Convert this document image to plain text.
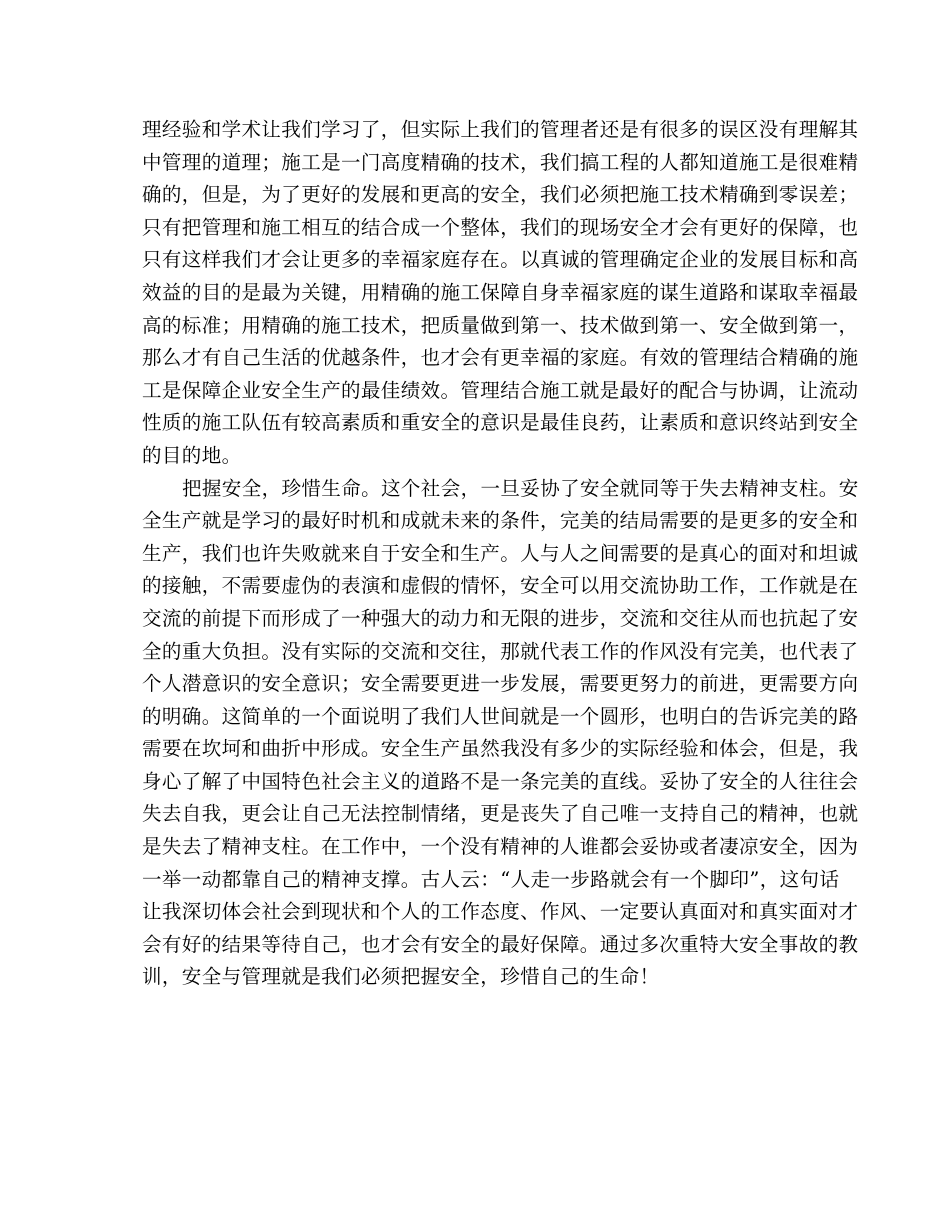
理经验和学术让我们学习了，但实际上我们的管理者还是有很多的误区没有理解其
中管理的道理；施工是一门高度精确的技术，我们搞工程的人都知道施工是很难精
确的，但是，为了更好的发展和更高的安全，我们必须把施工技术精确到零误差；
只有把管理和施工相互的结合成一个整体，我们的现场安全才会有更好的保障，也
只有这样我们才会让更多的幸福家庭存在。以真诚的管理确定企业的发展目标和高
效益的目的是最为关键，用精确的施工保障自身幸福家庭的谋生道路和谋取幸福最
高的标准；用精确的施工技术，把质量做到第一、技术做到第一、安全做到第一，
那么才有自己生活的优越条件，也才会有更幸福的家庭。有效的管理结合精确的施
工是保障企业安全生产的最佳绩效。管理结合施工就是最好的配合与协调，让流动
性质的施工队伍有较高素质和重安全的意识是最佳良药，让素质和意识终站到安全
的目的地。
把握安全，珍惜生命。这个社会，一旦妥协了安全就同等于失去精神支柱。安
全生产就是学习的最好时机和成就未来的条件，完美的结局需要的是更多的安全和
生产，我们也许失败就来自于安全和生产。人与人之间需要的是真心的面对和坦诚
的接触，不需要虚伪的表演和虚假的情怀，安全可以用交流协助工作，工作就是在
交流的前提下而形成了一种强大的动力和无限的进步，交流和交往从而也抗起了安
全的重大负担。没有实际的交流和交往，那就代表工作的作风没有完美，也代表了
个人潜意识的安全意识；安全需要更进一步发展，需要更努力的前进，更需要方向
的明确。这简单的一个面说明了我们人世间就是一个圆形，也明白的告诉完美的路
需要在坎坷和曲折中形成。安全生产虽然我没有多少的实际经验和体会，但是，我
身心了解了中国特色社会主义的道路不是一条完美的直线。妥协了安全的人往往会
失去自我，更会让自己无法控制情绪，更是丧失了自己唯一支持自己的精神，也就
是失去了精神支柱。在工作中，一个没有精神的人谁都会妥协或者凄凉安全，因为
一举一动都靠自己的精神支撑。古人云：“人走一步路就会有一个脚印”，这句话
让我深切体会社会到现状和个人的工作态度、作风、一定要认真面对和真实面对才
会有好的结果等待自己，也才会有安全的最好保障。通过多次重特大安全事故的教
训，安全与管理就是我们必须把握安全，珍惜自己的生命！
